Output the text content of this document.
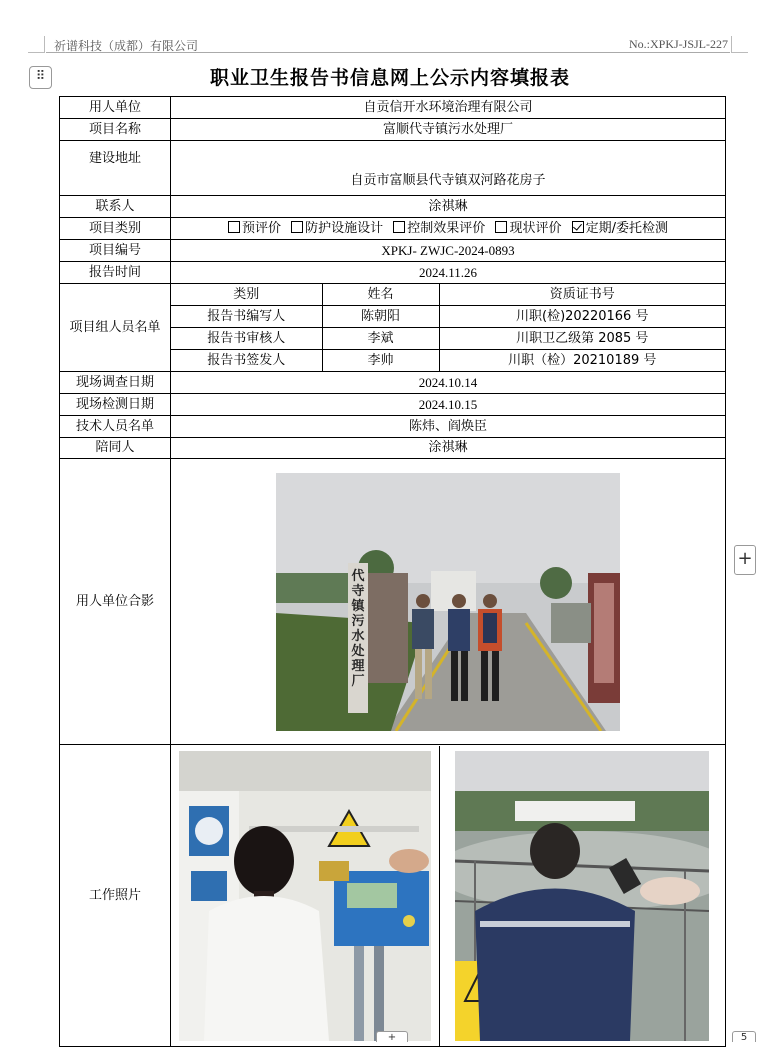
祈谱科技（成都）有限公司	No.:XPKJ-JSJL-227
⠿	职业卫生报告书信息网上公示内容填报表
用人单位	自贡信开水环境治理有限公司
项目名称	富顺代寺镇污水处理厂
建设地址	自贡市富顺县代寺镇双河路花房子
联系人	涂祺琳
项目类别	预评价 防护设施设计 控制效果评价 现状评价 定期/委托检测
项目编号	XPKJ- ZWJC-2024-0893
报告时间	2024.11.26
项目组人员名单	
类别	姓名	资质证书号
报告书编写人	陈朝阳	川职(检)20220166 号
报告书审核人	李斌	川职卫乙级第 2085 号
报告书签发人	李帅	川职（检）20210189 号

现场调查日期	2024.10.14
现场检测日期	2024.10.15
技术人员名单	陈炜、阎焕臣
陪同人	涂祺琳
用人单位合影	
代寺镇污水处理厂

工作照片	

+
+	5
